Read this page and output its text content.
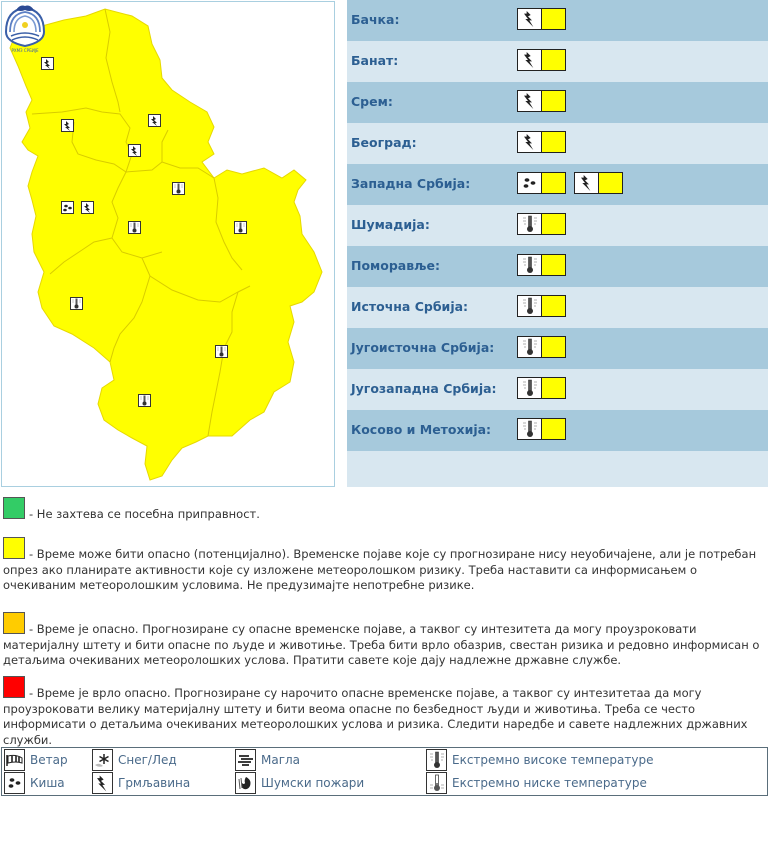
РХМЗ СРБИЈЕ
Бачка:
Банат:
Срем:
Београд:
Западна Србија:
Шумадија:
Поморавље:
Источна Србија:
Југоисточна Србија:
Југозападна Србија:
Косово и Метохија:
- Не захтева се посебна приправност.
- Време може бити опасно (потенцијално). Временске појаве које су прогнозиране нису неуобичајене, али је потребан опрез ако планирате активности које су изложене метеоролошком ризику. Треба наставити са информисањем о очекиваним метеоролошким условима. Не предузимајте непотребне ризике.
- Време је опасно. Прогнозиране су опасне временске појаве, а таквог су интезитета да могу проузроковати материјалну штету и бити опасне по људе и животиње. Треба бити врло обазрив, свестан ризика и редовно информисан о детаљима очекиваних метеоролошких услова. Пратити савете које дају надлежне државне службе.
- Време је врло опасно. Прогнозиране су нарочито опасне временске појаве, а таквог су интезитетаа да могу проузроковати велику материјалну штету и бити веома опасне по безбедност људи и животиња. Треба се често информисати о детаљима очекиваних метеоролошких услова и ризика. Следити наредбе и савете надлежних државних служби.
Ветар
Киша
Снег/Лед
Грмљавина
Магла
Шумски пожари
Екстремно високе температуре
Екстремно ниске температуре
